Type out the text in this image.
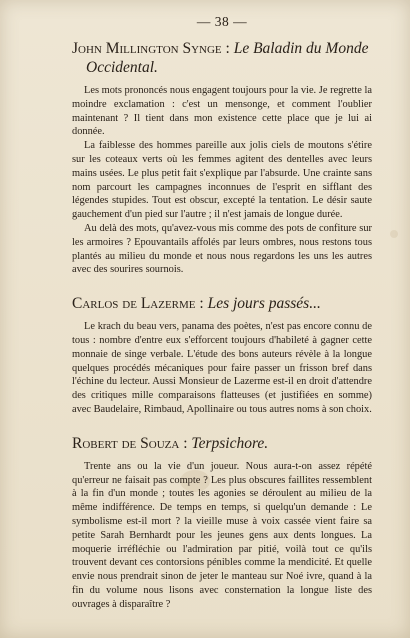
— 38 —
John Millington Synge : Le Baladin du Monde
Occidental.

Les mots prononcés nous engagent toujours pour la vie. Je regrette la moindre exclamation : c'est un mensonge, et comment l'oublier maintenant ? Il tient dans mon existence cette place que je lui ai donnée.

La faiblesse des hommes pareille aux jolis ciels de moutons s'étire sur les coteaux verts où les femmes agitent des dentelles avec leurs mains usées. Le plus petit fait s'explique par l'absurde. Une crainte sans nom parcourt les campagnes inconnues de l'esprit en sifflant des légendes stupides. Tout est obscur, excepté la tentation. Le désir saute gauchement d'un pied sur l'autre ; il n'est jamais de longue durée.

Au delà des mots, qu'avez-vous mis comme des pots de confiture sur les armoires ? Epouvantails affolés par leurs ombres, nous restons tous plantés au milieu du monde et nous nous regardons les uns les autres avec des sourires sournois.

Carlos de Lazerme : Les jours passés...

Le krach du beau vers, panama des poètes, n'est pas encore connu de tous : nombre d'entre eux s'efforcent toujours d'habileté à gagner cette monnaie de singe verbale. L'étude des bons auteurs révèle à la longue quelques procédés mécaniques pour faire passer un frisson bref dans l'échine du lecteur. Aussi Monsieur de Lazerme est-il en droit d'attendre des critiques mille comparaisons flatteuses (et justifiées en somme) avec Baudelaire, Rimbaud, Apollinaire ou tous autres noms à son choix.

Robert de Souza : Terpsichore.

Trente ans ou la vie d'un joueur. Nous aura-t-on assez répété qu'erreur ne faisait pas compte ? Les plus obscures faillites ressemblent à la fin d'un monde ; toutes les agonies se déroulent au milieu de la même indifférence. De temps en temps, si quelqu'un demande : Le symbolisme est-il mort ? la vieille muse à voix cassée vient faire sa petite Sarah Bernhardt pour les jeunes gens aux dents longues. La moquerie irréfléchie ou l'admiration par pitié, voilà tout ce qu'ils trouvent devant ces contorsions pénibles comme la mendicité. Et quelle envie nous prendrait sinon de jeter le manteau sur Noé ivre, quand à la fin du volume nous lisons avec consternation la longue liste des ouvrages à disparaître ?
